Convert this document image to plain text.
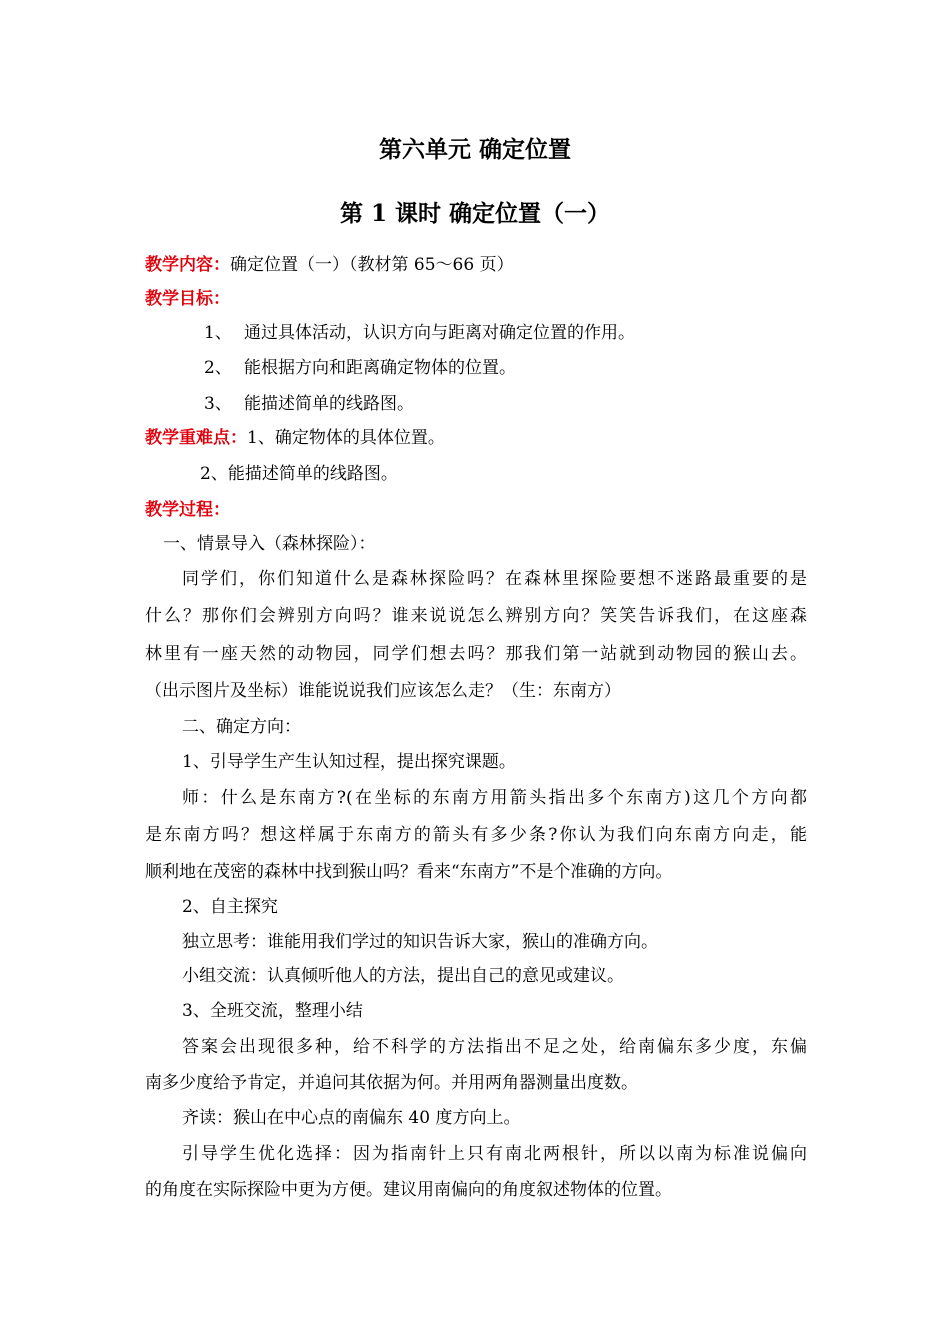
第六单元 确定位置
第 1 课时 确定位置（一）
教学内容：确定位置（一）（教材第 65～66 页）
教学目标：
1、 通过具体活动，认识方向与距离对确定位置的作用。
2、 能根据方向和距离确定物体的位置。
3、 能描述简单的线路图。
教学重难点：1、确定物体的具体位置。
2、能描述简单的线路图。
教学过程：
一、情景导入（森林探险）：
同学们，你们知道什么是森林探险吗？在森林里探险要想不迷路最重要的是
什么？那你们会辨别方向吗？谁来说说怎么辨别方向？笑笑告诉我们，在这座森
林里有一座天然的动物园，同学们想去吗？那我们第一站就到动物园的猴山去。
（出示图片及坐标）谁能说说我们应该怎么走？（生：东南方）
二、确定方向：
1、引导学生产生认知过程，提出探究课题。
师：什么是东南方?(在坐标的东南方用箭头指出多个东南方)这几个方向都
是东南方吗？想这样属于东南方的箭头有多少条?你认为我们向东南方向走，能
顺利地在茂密的森林中找到猴山吗？看来“东南方”不是个准确的方向。
2、自主探究
独立思考：谁能用我们学过的知识告诉大家，猴山的准确方向。
小组交流：认真倾听他人的方法，提出自己的意见或建议。
3、全班交流，整理小结
答案会出现很多种，给不科学的方法指出不足之处，给南偏东多少度，东偏
南多少度给予肯定，并追问其依据为何。并用两角器测量出度数。
齐读：猴山在中心点的南偏东 40 度方向上。
引导学生优化选择：因为指南针上只有南北两根针，所以以南为标准说偏向
的角度在实际探险中更为方便。建议用南偏向的角度叙述物体的位置。
